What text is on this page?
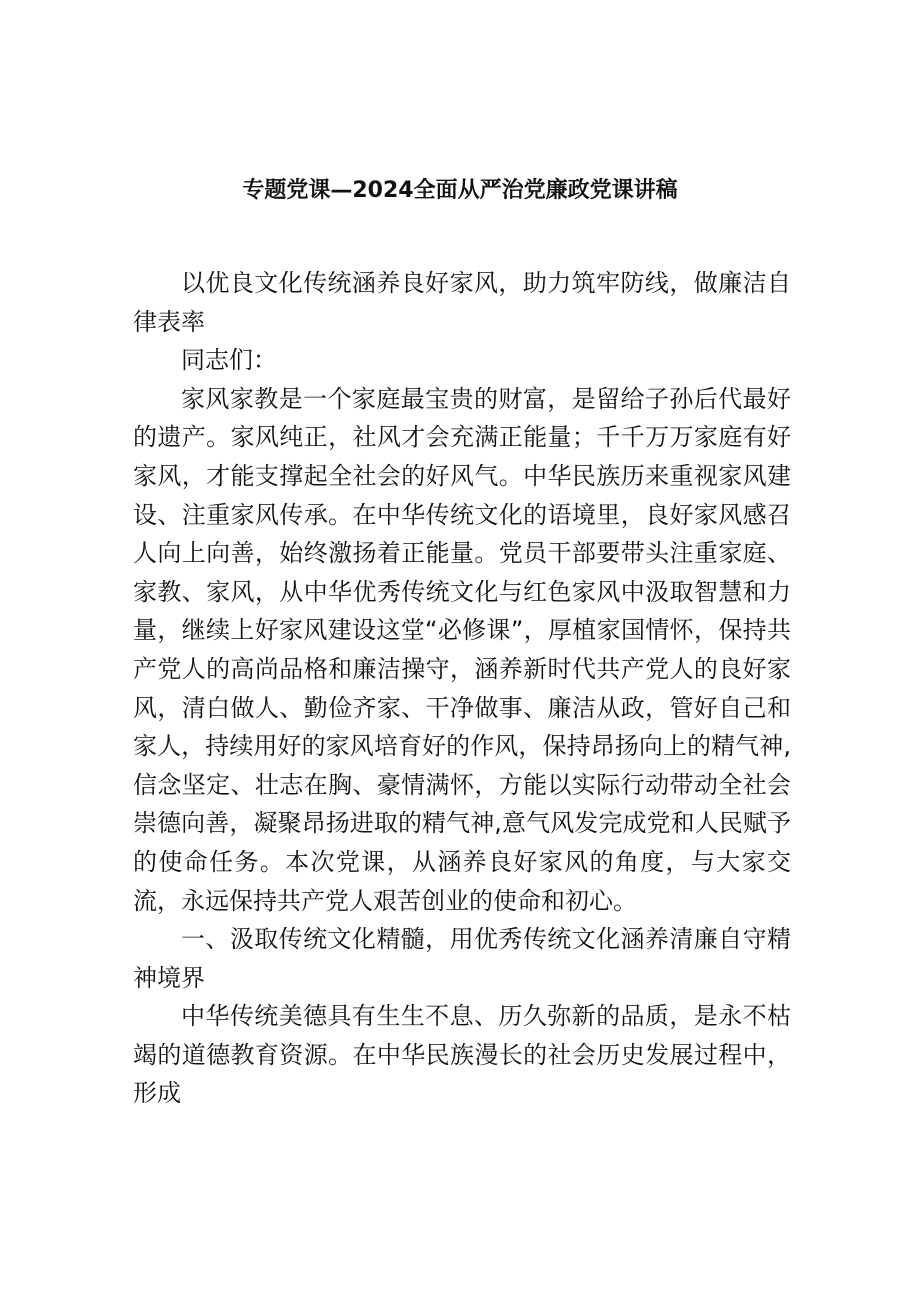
专题党课—2024全面从严治党廉政党课讲稿

以优良文化传统涵养良好家风，助力筑牢防线，做廉洁自律表率

同志们：

家风家教是一个家庭最宝贵的财富，是留给子孙后代最好的遗产。家风纯正，社风才会充满正能量；千千万万家庭有好家风，才能支撑起全社会的好风气。中华民族历来重视家风建设、注重家风传承。在中华传统文化的语境里，良好家风感召人向上向善，始终激扬着正能量。党员干部要带头注重家庭、家教、家风，从中华优秀传统文化与红色家风中汲取智慧和力量，继续上好家风建设这堂“必修课”，厚植家国情怀，保持共产党人的高尚品格和廉洁操守，涵养新时代共产党人的良好家风，清白做人、勤俭齐家、干净做事、廉洁从政，管好自己和家人，持续用好的家风培育好的作风，保持昂扬向上的精气神,信念坚定、壮志在胸、豪情满怀，方能以实际行动带动全社会崇德向善，凝聚昂扬进取的精气神,意气风发完成党和人民赋予的使命任务。本次党课，从涵养良好家风的角度，与大家交流，永远保持共产党人艰苦创业的使命和初心。

一、汲取传统文化精髓，用优秀传统文化涵养清廉自守精神境界

中华传统美德具有生生不息、历久弥新的品质，是永不枯竭的道德教育资源。在中华民族漫长的社会历史发展过程中，形成
